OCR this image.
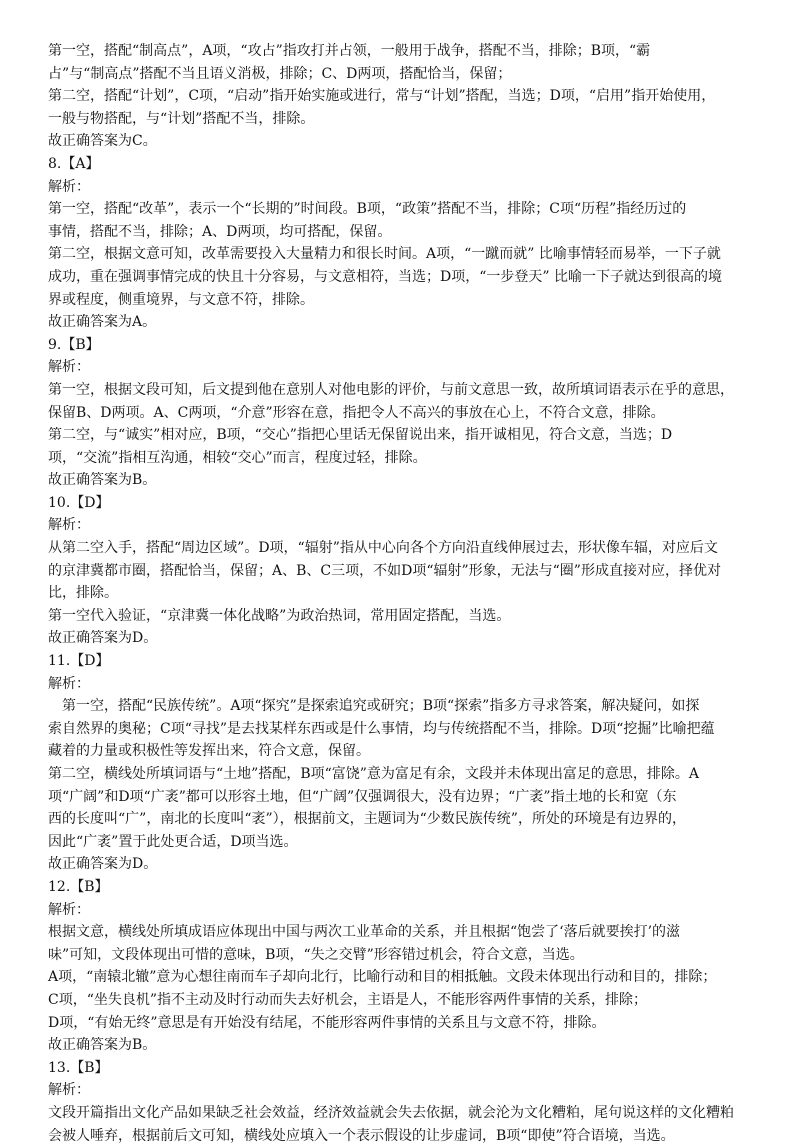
第一空，搭配“制高点”，A项，“攻占”指攻打并占领，一般用于战争，搭配不当，排除；B项，“霸
占”与“制高点”搭配不当且语义消极，排除；C、D两项，搭配恰当，保留；
第二空，搭配“计划”，C项，“启动”指开始实施或进行，常与“计划”搭配，当选；D项，“启用”指开始使用，
一般与物搭配，与“计划”搭配不当，排除。
故正确答案为C。
8.【A】
解析：
第一空，搭配“改革”，表示一个“长期的”时间段。B项，“政策”搭配不当，排除；C项“历程”指经历过的
事情，搭配不当，排除；A、D两项，均可搭配，保留。
第二空，根据文意可知，改革需要投入大量精力和很长时间。A项，“一蹴而就” 比喻事情轻而易举，一下子就
成功，重在强调事情完成的快且十分容易，与文意相符，当选；D项，“一步登天” 比喻一下子就达到很高的境
界或程度，侧重境界，与文意不符，排除。
故正确答案为A。
9.【B】
解析：
第一空，根据文段可知，后文提到他在意别人对他电影的评价，与前文意思一致，故所填词语表示在乎的意思，
保留B、D两项。A、C两项，“介意”形容在意，指把令人不高兴的事放在心上，不符合文意，排除。
第二空，与“诚实”相对应，B项，“交心”指把心里话无保留说出来，指开诚相见，符合文意，当选；D
项，“交流”指相互沟通，相较“交心”而言，程度过轻，排除。
故正确答案为B。
10.【D】
解析：
从第二空入手，搭配“周边区域”。D项，“辐射”指从中心向各个方向沿直线伸展过去，形状像车辐，对应后文
的京津冀都市圈，搭配恰当，保留；A、B、C三项，不如D项“辐射”形象，无法与“圈”形成直接对应，择优对
比，排除。
第一空代入验证，“京津冀一体化战略”为政治热词，常用固定搭配，当选。
故正确答案为D。
11.【D】
解析：
　第一空，搭配“民族传统”。A项“探究”是探索追究或研究；B项“探索”指多方寻求答案，解决疑问，如探
索自然界的奥秘；C项“寻找”是去找某样东西或是什么事情，均与传统搭配不当，排除。D项“挖掘”比喻把蕴
藏着的力量或积极性等发挥出来，符合文意，保留。
第二空，横线处所填词语与“土地”搭配，B项“富饶”意为富足有余，文段并未体现出富足的意思，排除。A
项“广阔”和D项“广袤”都可以形容土地，但“广阔”仅强调很大，没有边界；“广袤”指土地的长和宽（东
西的长度叫“广”，南北的长度叫“袤”），根据前文，主题词为“少数民族传统”，所处的环境是有边界的，
因此“广袤”置于此处更合适，D项当选。
故正确答案为D。
12.【B】
解析：
根据文意，横线处所填成语应体现出中国与两次工业革命的关系，并且根据“饱尝了‘落后就要挨打’的滋
味”可知，文段体现出可惜的意味，B项，“失之交臂”形容错过机会，符合文意，当选。
A项，“南辕北辙”意为心想往南而车子却向北行，比喻行动和目的相抵触。文段未体现出行动和目的，排除；
C项，“坐失良机”指不主动及时行动而失去好机会，主语是人，不能形容两件事情的关系，排除；
D项，“有始无终”意思是有开始没有结尾，不能形容两件事情的关系且与文意不符，排除。
故正确答案为B。
13.【B】
解析：
文段开篇指出文化产品如果缺乏社会效益，经济效益就会失去依据，就会沦为文化糟粕，尾句说这样的文化糟粕
会被人唾弃，根据前后文可知，横线处应填入一个表示假设的让步虚词，B项“即使”符合语境，当选。
